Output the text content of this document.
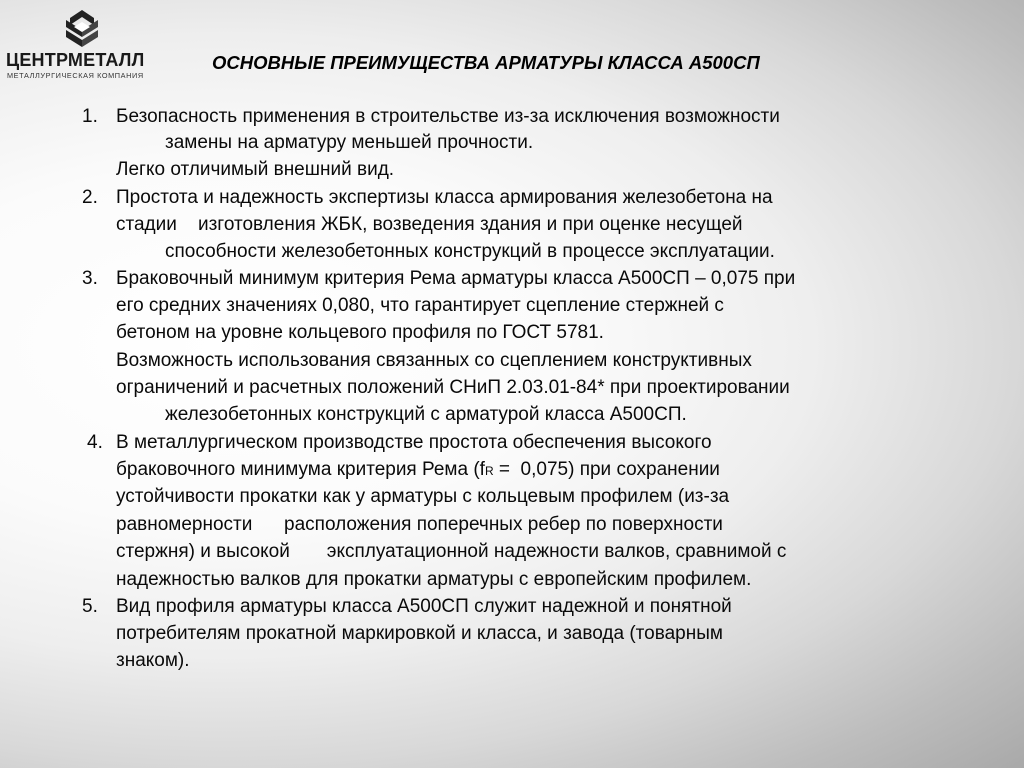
ЦЕНТРМЕТАЛЛ
МЕТАЛЛУРГИЧЕСКАЯ КОМПАНИЯ
ОСНОВНЫЕ ПРЕИМУЩЕСТВА АРМАТУРЫ КЛАССА А500СП
1. Безопасность применения в строительстве из-за исключения возможности
замены на арматуру меньшей прочности.
Легко отличимый внешний вид.
2. Простота и надежность экспертизы класса армирования железобетона на
стадии    изготовления ЖБК, возведения здания и при оценке несущей
способности железобетонных конструкций в процессе эксплуатации.
3. Браковочный минимум критерия Рема арматуры класса А500СП – 0,075 при
его средних значениях 0,080, что гарантирует сцепление стержней с
бетоном на уровне кольцевого профиля по ГОСТ 5781.
Возможность использования связанных со сцеплением конструктивных
ограничений и расчетных положений СНиП 2.03.01-84* при проектировании
железобетонных конструкций с арматурой класса А500СП.
4. В металлургическом производстве простота обеспечения высокого
браковочного минимума критерия Рема (fR =  0,075) при сохранении
устойчивости прокатки как у арматуры с кольцевым профилем (из-за
равномерности      расположения поперечных ребер по поверхности
стержня) и высокой       эксплуатационной надежности валков, сравнимой с
надежностью валков для прокатки арматуры с европейским профилем.
5. Вид профиля арматуры класса А500СП служит надежной и понятной
потребителям прокатной маркировкой и класса, и завода (товарным
знаком).
